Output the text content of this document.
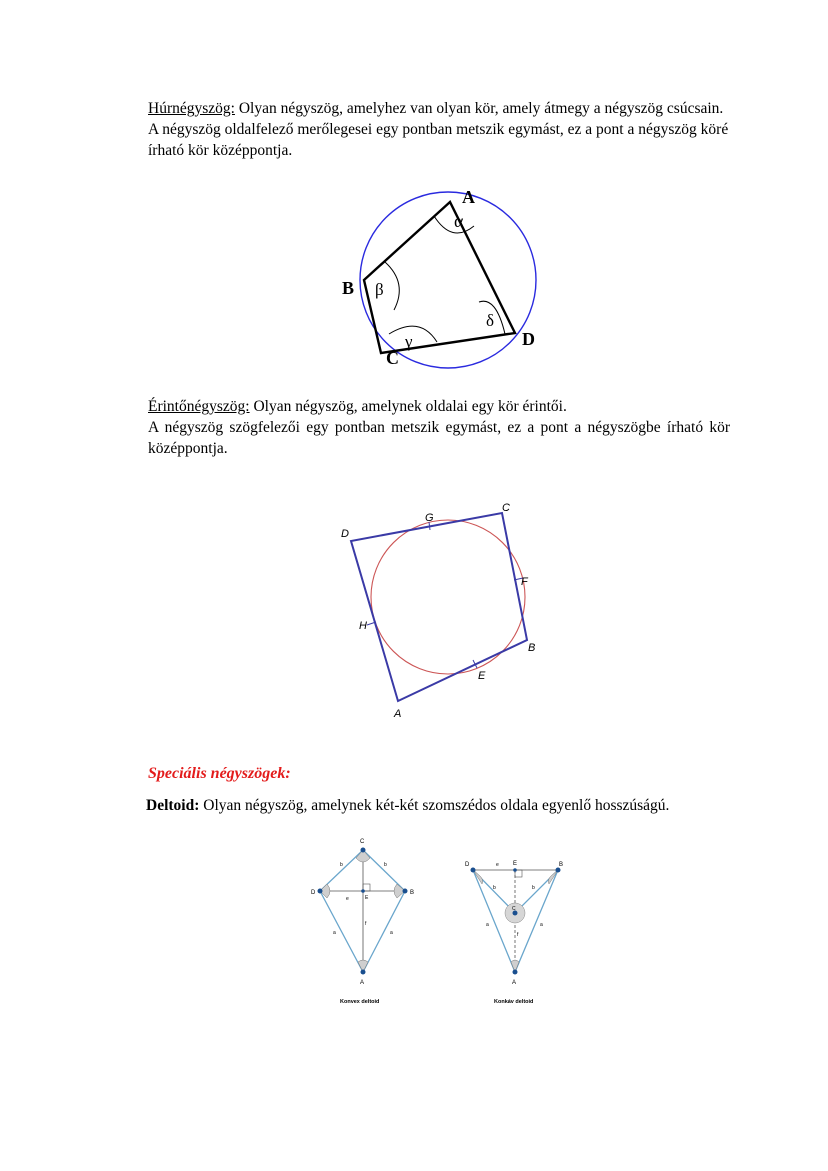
Húrnégyszög: Olyan négyszög, amelyhez van olyan kör, amely átmegy a négyszög csúcsain.

A négyszög oldalfelező merőlegesei egy pontban metszik egymást, ez a pont a négyszög köré írható kör középpontja.

A
B
C
D
α
β
γ
δ

Érintőnégyszög: Olyan négyszög, amelynek oldalai egy kör érintői.

A négyszög szögfelezői egy pontban metszik egymást, ez a pont a négyszögbe írható kör középpontja.

A
B
C
D
E
F
G
H
Speciális négyszögek:
Deltoid: Olyan négyszög, amelynek két-két szomszédos oldala egyenlő hosszúságú.
C
D	B
A
E
b	b
a	a
e
f
Konvex deltoid
D	B
E
C
A
e
b	b
a	a
f
Konkáv deltoid
